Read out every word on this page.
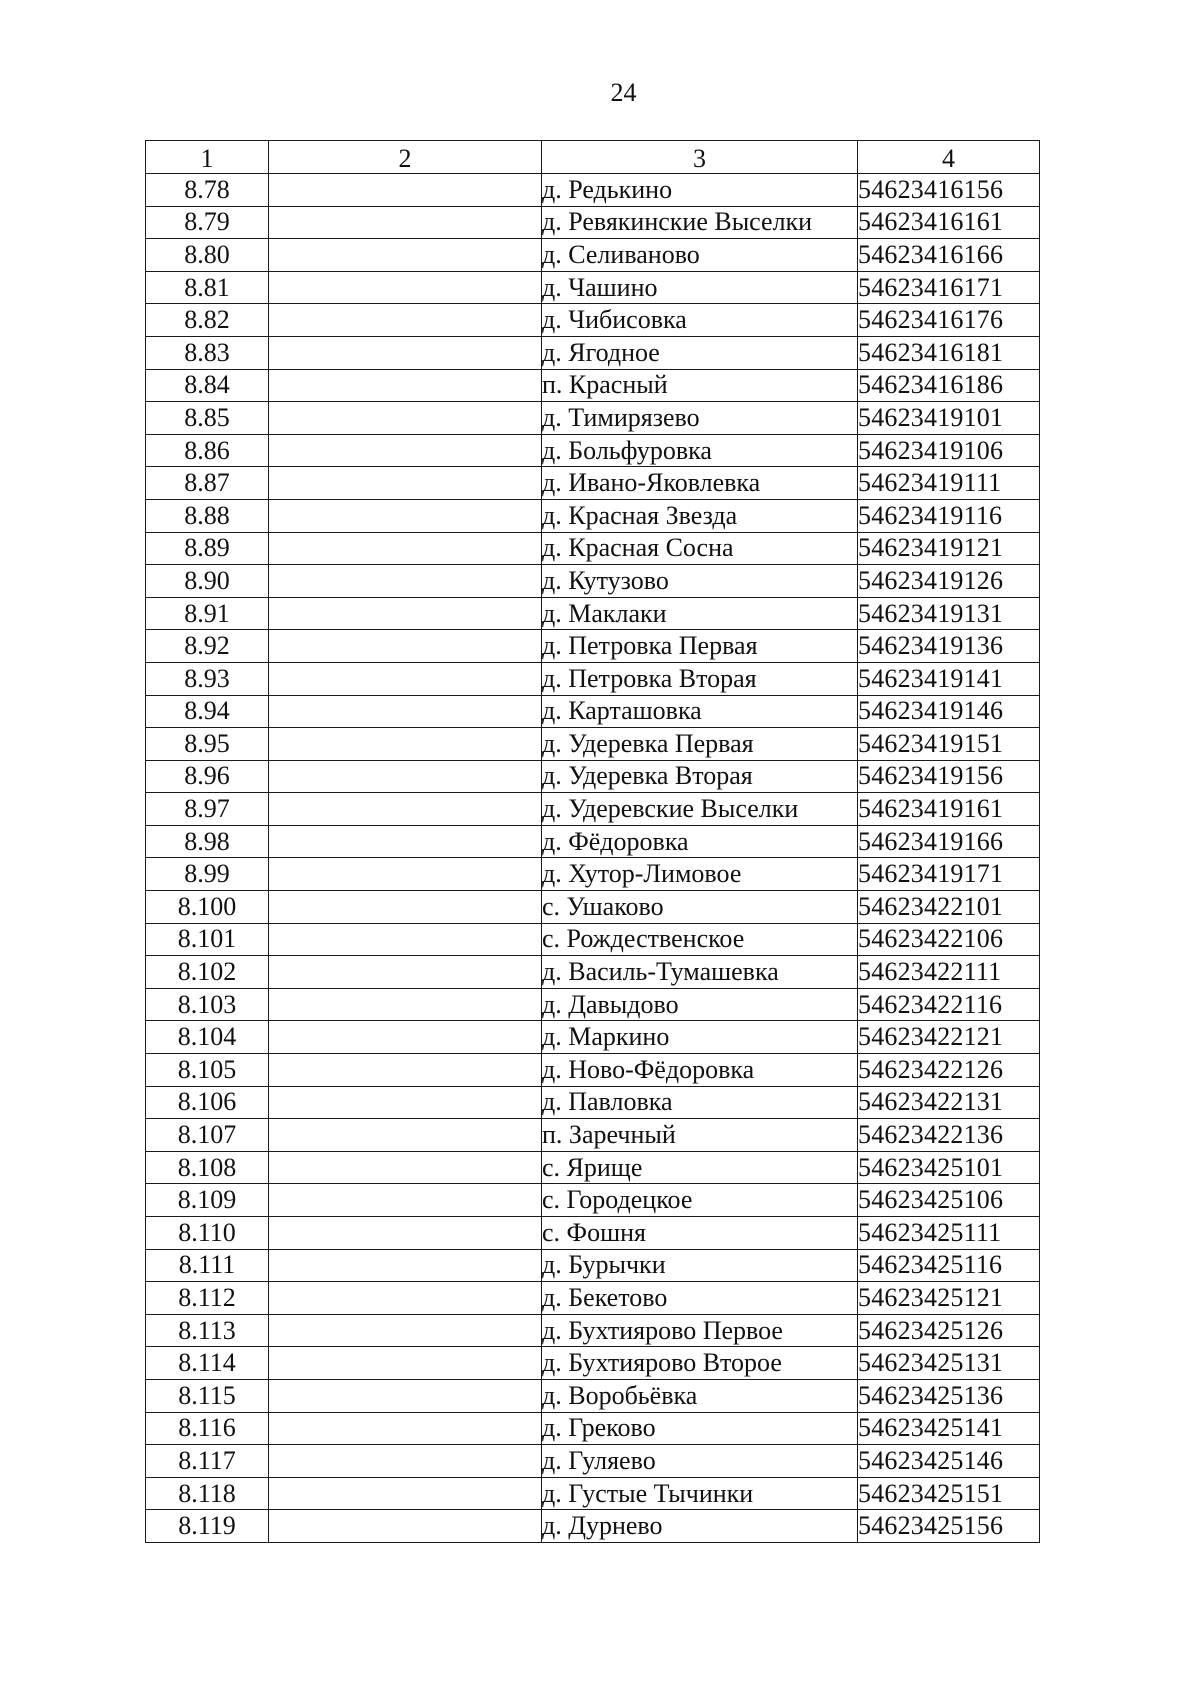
24
1	2	3	4
8.78		д. Редькино	54623416156
8.79		д. Ревякинские Выселки	54623416161
8.80		д. Селиваново	54623416166
8.81		д. Чашино	54623416171
8.82		д. Чибисовка	54623416176
8.83		д. Ягодное	54623416181
8.84		п. Красный	54623416186
8.85		д. Тимирязево	54623419101
8.86		д. Больфуровка	54623419106
8.87		д. Ивано-Яковлевка	54623419111
8.88		д. Красная Звезда	54623419116
8.89		д. Красная Сосна	54623419121
8.90		д. Кутузово	54623419126
8.91		д. Маклаки	54623419131
8.92		д. Петровка Первая	54623419136
8.93		д. Петровка Вторая	54623419141
8.94		д. Карташовка	54623419146
8.95		д. Удеревка Первая	54623419151
8.96		д. Удеревка Вторая	54623419156
8.97		д. Удеревские Выселки	54623419161
8.98		д. Фёдоровка	54623419166
8.99		д. Хутор-Лимовое	54623419171
8.100		с. Ушаково	54623422101
8.101		с. Рождественское	54623422106
8.102		д. Василь-Тумашевка	54623422111
8.103		д. Давыдово	54623422116
8.104		д. Маркино	54623422121
8.105		д. Ново-Фёдоровка	54623422126
8.106		д. Павловка	54623422131
8.107		п. Заречный	54623422136
8.108		с. Ярище	54623425101
8.109		с. Городецкое	54623425106
8.110		с. Фошня	54623425111
8.111		д. Бурычки	54623425116
8.112		д. Бекетово	54623425121
8.113		д. Бухтиярово Первое	54623425126
8.114		д. Бухтиярово Второе	54623425131
8.115		д. Воробьёвка	54623425136
8.116		д. Греково	54623425141
8.117		д. Гуляево	54623425146
8.118		д. Густые Тычинки	54623425151
8.119		д. Дурнево	54623425156
